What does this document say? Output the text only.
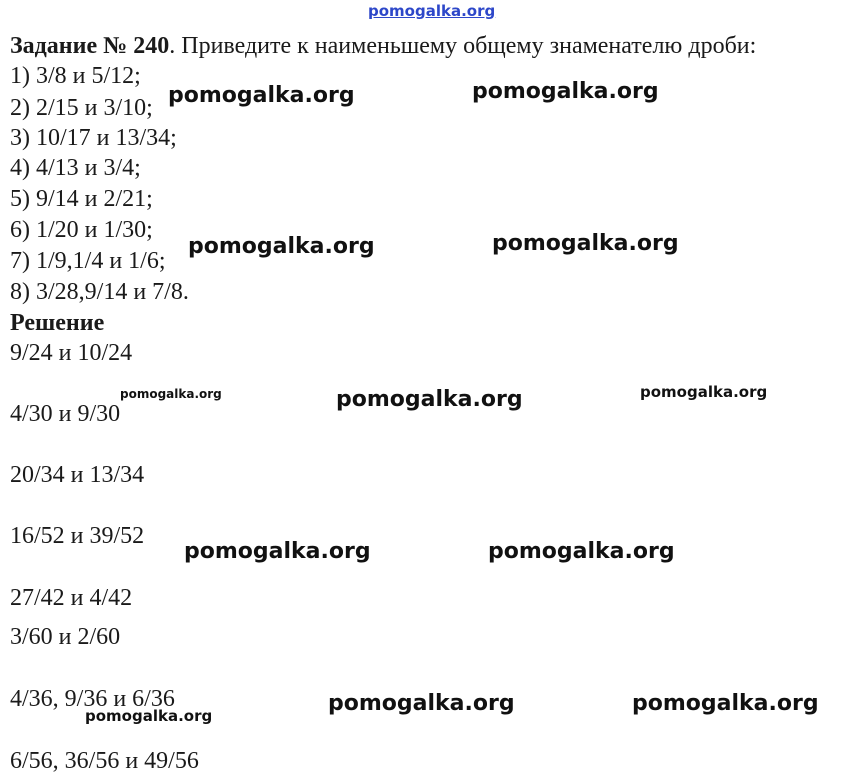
pomogalka.org
Задание № 240. Приведите к наименьшему общему знаменателю дроби:
1) 3/8 и 5/12;
2) 2/15 и 3/10;
3) 10/17 и 13/34;
4) 4/13 и 3/4;
5) 9/14 и 2/21;
6) 1/20 и 1/30;
7) 1/9,1/4 и 1/6;
8) 3/28,9/14 и 7/8.
Решение
9/24 и 10/24
4/30 и 9/30
20/34 и 13/34
16/52 и 39/52
27/42 и 4/42
3/60 и 2/60
4/36, 9/36 и 6/36
6/56, 36/56 и 49/56
pomogalka.org	pomogalka.org
pomogalka.org	pomogalka.org
pomogalka.org	pomogalka.org	pomogalka.org
pomogalka.org	pomogalka.org
pomogalka.org	pomogalka.org
pomogalka.org
